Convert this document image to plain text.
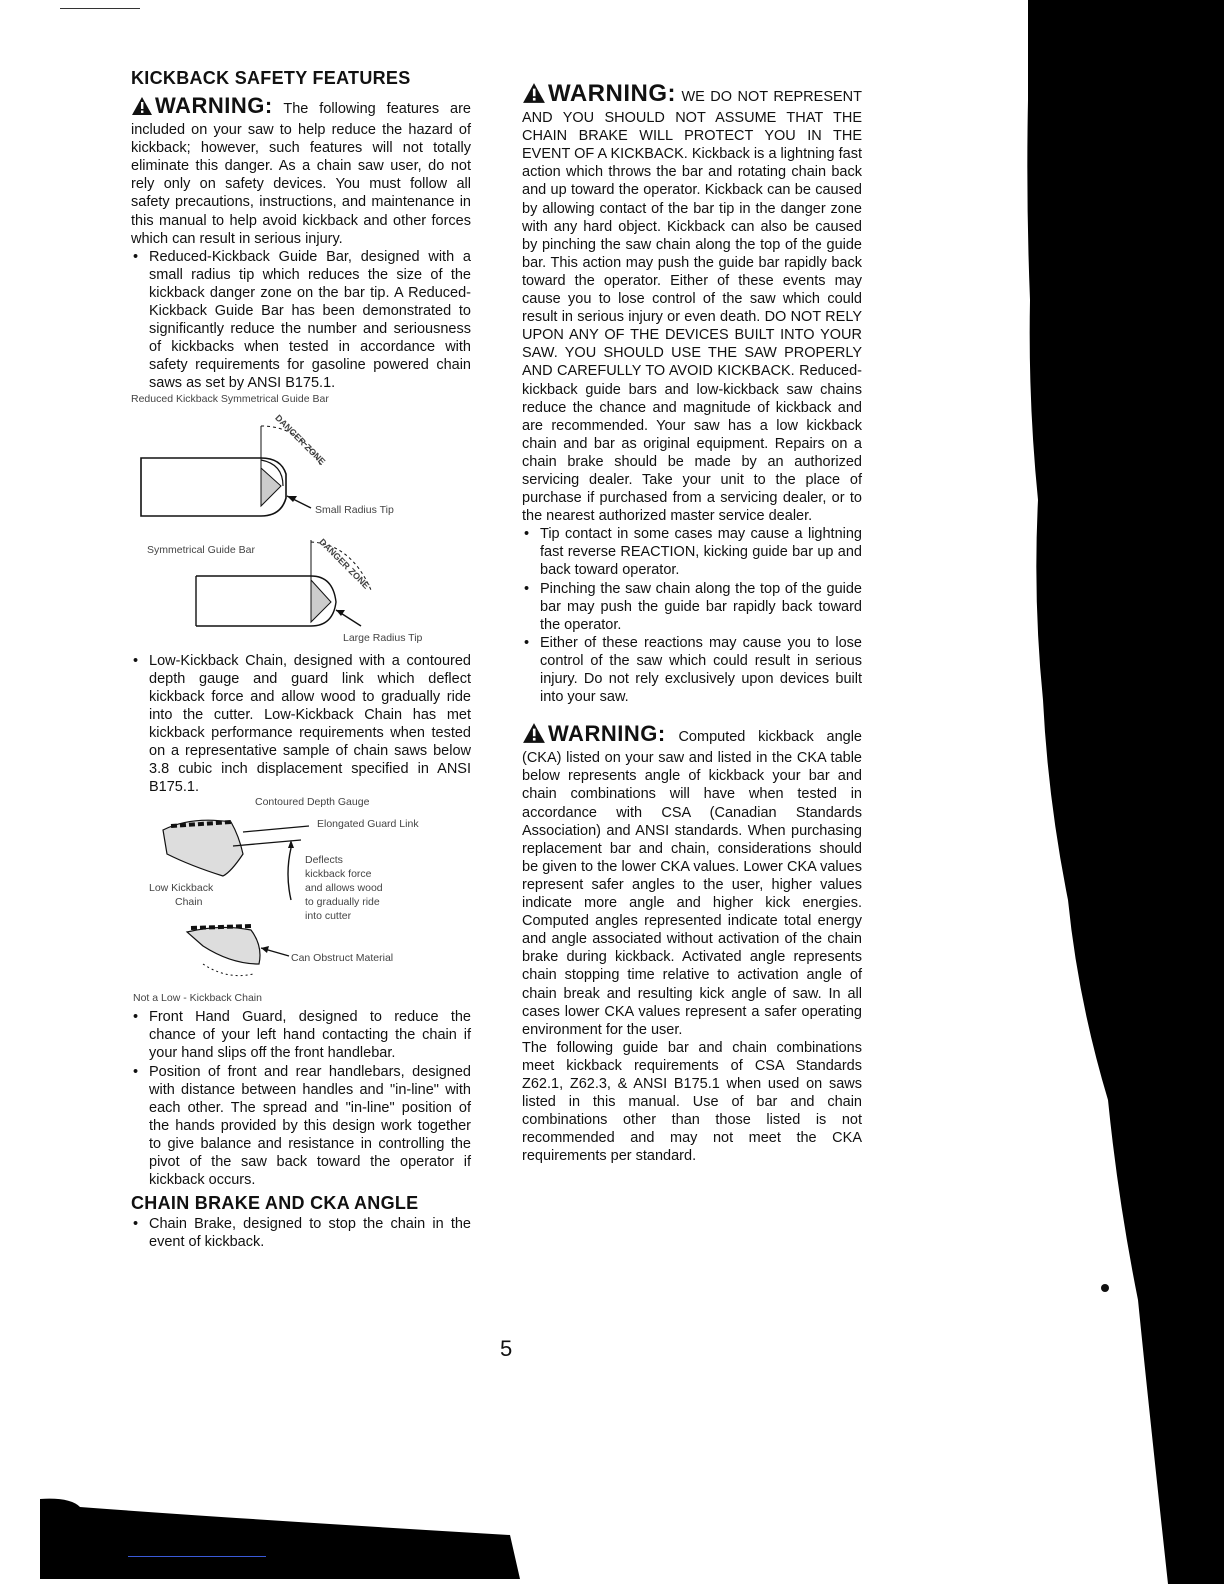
KICKBACK SAFETY FEATURES
WARNING: The following features are included on your saw to help reduce the hazard of kickback; however, such features will not totally eliminate this danger. As a chain saw user, do not rely only on safety devices. You must follow all safety precautions, instructions, and maintenance in this manual to help avoid kickback and other forces which can result in serious injury.
• Reduced-Kickback Guide Bar, designed with a small radius tip which reduces the size of the kickback danger zone on the bar tip. A Reduced-Kickback Guide Bar has been demonstrated to significantly reduce the number and seriousness of kickbacks when tested in accordance with safety requirements for gasoline powered chain saws as set by ANSI B175.1.
Reduced Kickback Symmetrical Guide Bar
DANGER ZONE
Small Radius Tip
Symmetrical Guide Bar	DANGER ZONE
Large Radius Tip
• Low-Kickback Chain, designed with a contoured depth gauge and guard link which deflect kickback force and allow wood to gradually ride into the cutter. Low-Kickback Chain has met kickback performance requirements when tested on a representative sample of chain saws below 3.8 cubic inch displacement specified in ANSI B175.1.
Contoured Depth Gauge
Elongated Guard Link
Deflects
kickback force
and allows wood
to gradually ride
into cutter
Low Kickback
Chain
Can Obstruct Material
Not a Low - Kickback Chain
• Front Hand Guard, designed to reduce the chance of your left hand contacting the chain if your hand slips off the front handlebar.
• Position of front and rear handlebars, designed with distance between handles and "in-line" with each other. The spread and "in-line" position of the hands provided by this design work together to give balance and resistance in controlling the pivot of the saw back toward the operator if kickback occurs.
CHAIN BRAKE AND CKA ANGLE
• Chain Brake, designed to stop the chain in the event of kickback.
WARNING: WE DO NOT REPRESENT AND YOU SHOULD NOT ASSUME THAT THE CHAIN BRAKE WILL PROTECT YOU IN THE EVENT OF A KICKBACK. Kickback is a lightning fast action which throws the bar and rotating chain back and up toward the operator. Kickback can be caused by allowing contact of the bar tip in the danger zone with any hard object. Kickback can also be caused by pinching the saw chain along the top of the guide bar. This action may push the guide bar rapidly back toward the operator. Either of these events may cause you to lose control of the saw which could result in serious injury or even death. DO NOT RELY UPON ANY OF THE DEVICES BUILT INTO YOUR SAW. YOU SHOULD USE THE SAW PROPERLY AND CAREFULLY TO AVOID KICKBACK. Reduced-kickback guide bars and low-kickback saw chains reduce the chance and magnitude of kickback and are recommended. Your saw has a low kickback chain and bar as original equipment. Repairs on a chain brake should be made by an authorized servicing dealer. Take your unit to the place of purchase if purchased from a servicing dealer, or to the nearest authorized master service dealer.
• Tip contact in some cases may cause a lightning fast reverse REACTION, kicking guide bar up and back toward operator.
• Pinching the saw chain along the top of the guide bar may push the guide bar rapidly back toward the operator.
• Either of these reactions may cause you to lose control of the saw which could result in serious injury. Do not rely exclusively upon devices built into your saw.
WARNING: Computed kickback angle (CKA) listed on your saw and listed in the CKA table below represents angle of kickback your bar and chain combinations will have when tested in accordance with CSA (Canadian Standards Association) and ANSI standards. When purchasing replacement bar and chain, considerations should be given to the lower CKA values. Lower CKA values represent safer angles to the user, higher values indicate more angle and higher kick energies. Computed angles represented indicate total energy and angle associated without activation of the chain brake during kickback. Activated angle represents chain stopping time relative to activation angle of chain break and resulting kick angle of saw. In all cases lower CKA values represent a safer operating environment for the user.

The following guide bar and chain combinations meet kickback requirements of CSA Standards Z62.1, Z62.3, & ANSI B175.1 when used on saws listed in this manual. Use of bar and chain combinations other than those listed is not recommended and may not meet the CKA requirements per standard.

5
